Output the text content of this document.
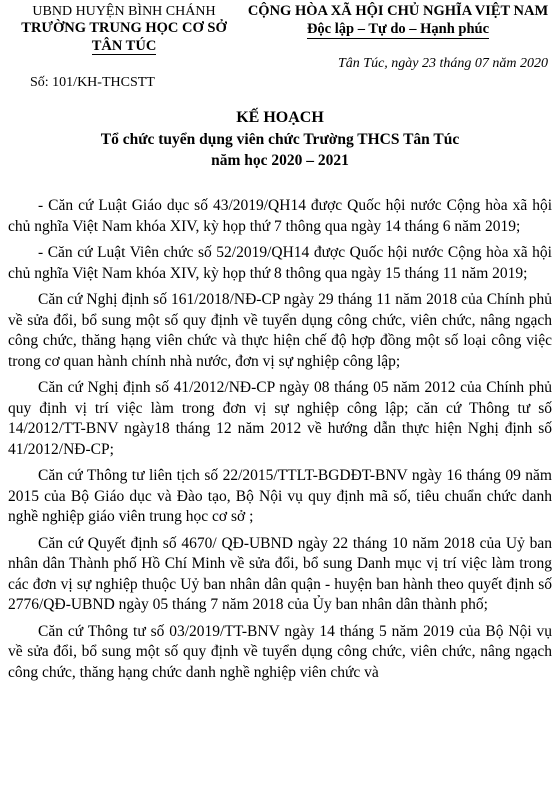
UBND HUYỆN BÌNH CHÁNH
TRƯỜNG TRUNG HỌC CƠ SỞ
TÂN TÚC
CỘNG HÒA XÃ HỘI CHỦ NGHĨA VIỆT NAM
Độc lập – Tự do – Hạnh phúc
Tân Túc, ngày 23 tháng 07 năm 2020
Số: 101/KH-THCSTT
KẾ HOẠCH
Tổ chức tuyển dụng viên chức Trường THCS Tân Túc
năm học 2020 – 2021

- Căn cứ Luật Giáo dục số 43/2019/QH14 được Quốc hội nước Cộng hòa xã hội chủ nghĩa Việt Nam khóa XIV, kỳ họp thứ 7 thông qua ngày 14 tháng 6 năm 2019;

- Căn cứ Luật Viên chức số 52/2019/QH14 được Quốc hội nước Cộng hòa xã hội chủ nghĩa Việt Nam khóa XIV, kỳ họp thứ 8 thông qua ngày 15 tháng 11 năm 2019;

Căn cứ Nghị định số 161/2018/NĐ-CP ngày 29 tháng 11 năm 2018 của Chính phủ về sửa đổi, bổ sung một số quy định về tuyển dụng công chức, viên chức, nâng ngạch công chức, thăng hạng viên chức và thực hiện chế độ hợp đồng một số loại công việc trong cơ quan hành chính nhà nước, đơn vị sự nghiệp công lập;

Căn cứ Nghị định số 41/2012/NĐ-CP ngày 08 tháng 05 năm 2012 của Chính phủ quy định vị trí việc làm trong đơn vị sự nghiệp công lập; căn cứ Thông tư số 14/2012/TT-BNV ngày18 tháng 12 năm 2012 về hướng dẫn thực hiện Nghị định số 41/2012/NĐ-CP;

Căn cứ Thông tư liên tịch số 22/2015/TTLT-BGDĐT-BNV ngày 16 tháng 09 năm 2015 của Bộ Giáo dục và Đào tạo, Bộ Nội vụ quy định mã số, tiêu chuẩn chức danh nghề nghiệp giáo viên trung học cơ sở ;

Căn cứ Quyết định số 4670/ QĐ-UBND ngày 22 tháng 10 năm 2018 của Uỷ ban nhân dân Thành phố Hồ Chí Minh về sửa đổi, bổ sung Danh mục vị trí việc làm trong các đơn vị sự nghiệp thuộc Uỷ ban nhân dân quận - huyện ban hành theo quyết định số 2776/QĐ-UBND ngày 05 tháng 7 năm 2018 của Ủy ban nhân dân thành phố;

Căn cứ Thông tư số 03/2019/TT-BNV ngày 14 tháng 5 năm 2019 của Bộ Nội vụ về sửa đổi, bổ sung một số quy định về tuyển dụng công chức, viên chức, nâng ngạch công chức, thăng hạng chức danh nghề nghiệp viên chức và
